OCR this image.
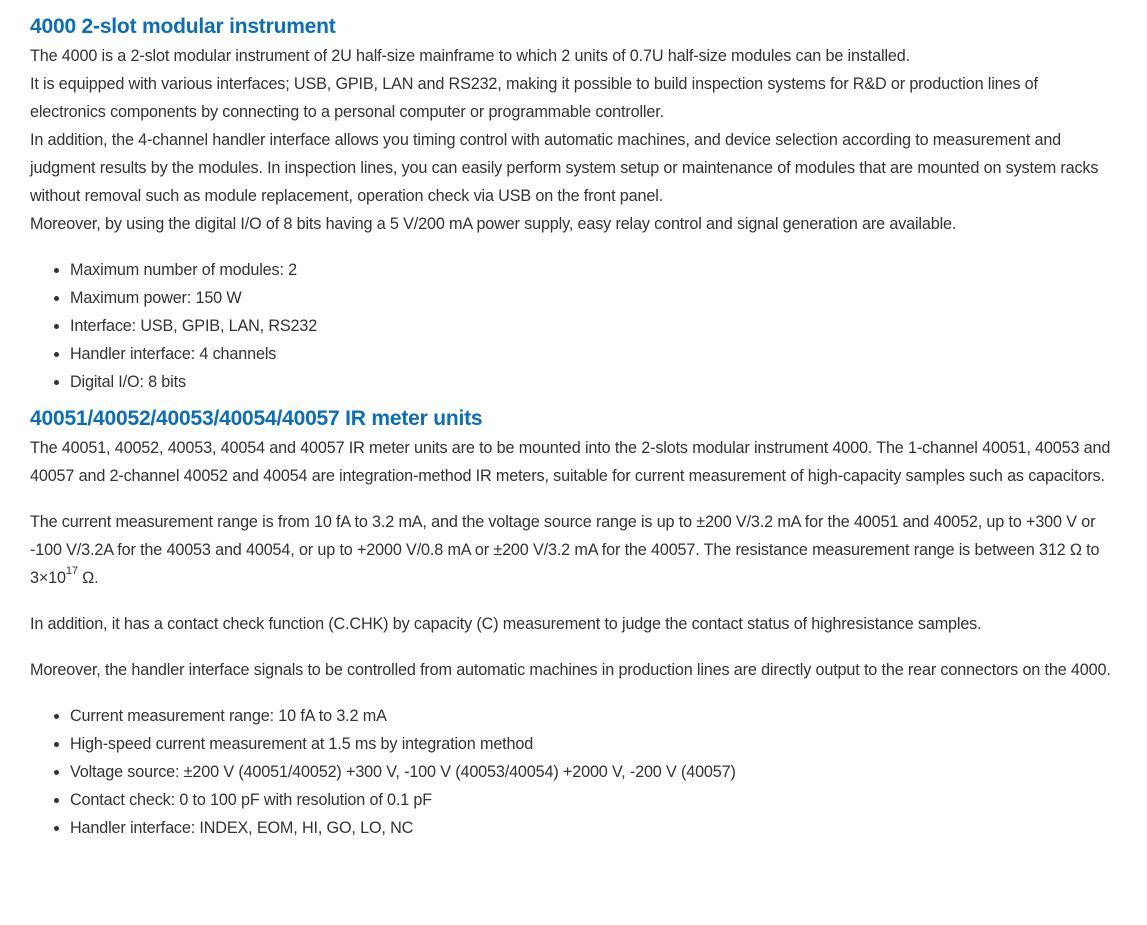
4000 2-slot modular instrument

The 4000 is a 2-slot modular instrument of 2U half-size mainframe to which 2 units of 0.7U half-size modules can be installed.
It is equipped with various interfaces; USB, GPIB, LAN and RS232, making it possible to build inspection systems for R&D or production lines of electronics components by connecting to a personal computer or programmable controller.
In addition, the 4-channel handler interface allows you timing control with automatic machines, and device selection according to measurement and judgment results by the modules. In inspection lines, you can easily perform system setup or maintenance of modules that are mounted on system racks without removal such as module replacement, operation check via USB on the front panel.
Moreover, by using the digital I/O of 8 bits having a 5 V/200 mA power supply, easy relay control and signal generation are available.

• Maximum number of modules: 2
• Maximum power: 150 W
• Interface: USB, GPIB, LAN, RS232
• Handler interface: 4 channels
• Digital I/O: 8 bits
40051/40052/40053/40054/40057 IR meter units

The 40051, 40052, 40053, 40054 and 40057 IR meter units are to be mounted into the 2-slots modular instrument 4000. The 1-channel 40051, 40053 and 40057 and 2-channel 40052 and 40054 are integration-method IR meters, suitable for current measurement of high-capacity samples such as capacitors.

The current measurement range is from 10 fA to 3.2 mA, and the voltage source range is up to ±200 V/3.2 mA for the 40051 and 40052, up to +300 V or -100 V/3.2A for the 40053 and 40054, or up to +2000 V/0.8 mA or ±200 V/3.2 mA for the 40057. The resistance measurement range is between 312 Ω to $3\times 10^{17}$ Ω.

In addition, it has a contact check function (C.CHK) by capacity (C) measurement to judge the contact status of highresistance samples.

Moreover, the handler interface signals to be controlled from automatic machines in production lines are directly output to the rear connectors on the 4000.

• Current measurement range: 10 fA to 3.2 mA
• High-speed current measurement at 1.5 ms by integration method
• Voltage source: ±200 V (40051/40052) +300 V, -100 V (40053/40054) +2000 V, -200 V (40057)
• Contact check: 0 to 100 pF with resolution of 0.1 pF
• Handler interface: INDEX, EOM, HI, GO, LO, NC
